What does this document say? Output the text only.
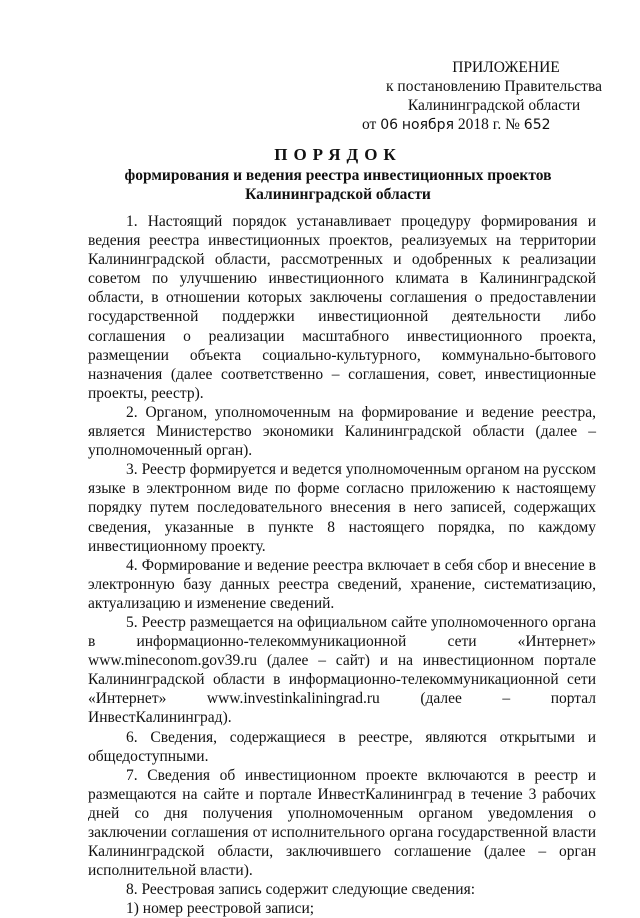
ПРИЛОЖЕНИЕ
к постановлению Правительства
Калининградской области
от 06 ноября 2018 г. № 652
ПОРЯДОК
формирования и ведения реестра инвестиционных проектов
Калининградской области

1. Настоящий порядок устанавливает процедуру формирования и ведения реестра инвестиционных проектов, реализуемых на территории Калининградской области, рассмотренных и одобренных к реализации советом по улучшению инвестиционного климата в Калининградской области, в отношении которых заключены соглашения о предоставлении государственной поддержки инвестиционной деятельности либо соглашения о реализации масштабного инвестиционного проекта, размещении объекта социально-культурного, коммунально-бытового назначения (далее соответственно – соглашения, совет, инвестиционные проекты, реестр).

2. Органом, уполномоченным на формирование и ведение реестра, является Министерство экономики Калининградской области (далее – уполномоченный орган).

3. Реестр формируется и ведется уполномоченным органом на русском языке в электронном виде по форме согласно приложению к настоящему порядку путем последовательного внесения в него записей, содержащих сведения, указанные в пункте 8 настоящего порядка, по каждому инвестиционному проекту.

4. Формирование и ведение реестра включает в себя сбор и внесение в электронную базу данных реестра сведений, хранение, систематизацию, актуализацию и изменение сведений.

5. Реестр размещается на официальном сайте уполномоченного органа в информационно-телекоммуникационной сети «Интернет» www.mineconom.gov39.ru (далее – сайт) и на инвестиционном портале Калининградской области в информационно-телекоммуникационной сети «Интернет» www.investinkaliningrad.ru (далее – портал ИнвестКалининград).

6. Сведения, содержащиеся в реестре, являются открытыми и общедоступными.

7. Сведения об инвестиционном проекте включаются в реестр и размещаются на сайте и портале ИнвестКалининград в течение 3 рабочих дней со дня получения уполномоченным органом уведомления о заключении соглашения от исполнительного органа государственной власти Калининградской области, заключившего соглашение (далее – орган исполнительной власти).

8. Реестровая запись содержит следующие сведения:

1) номер реестровой записи;
